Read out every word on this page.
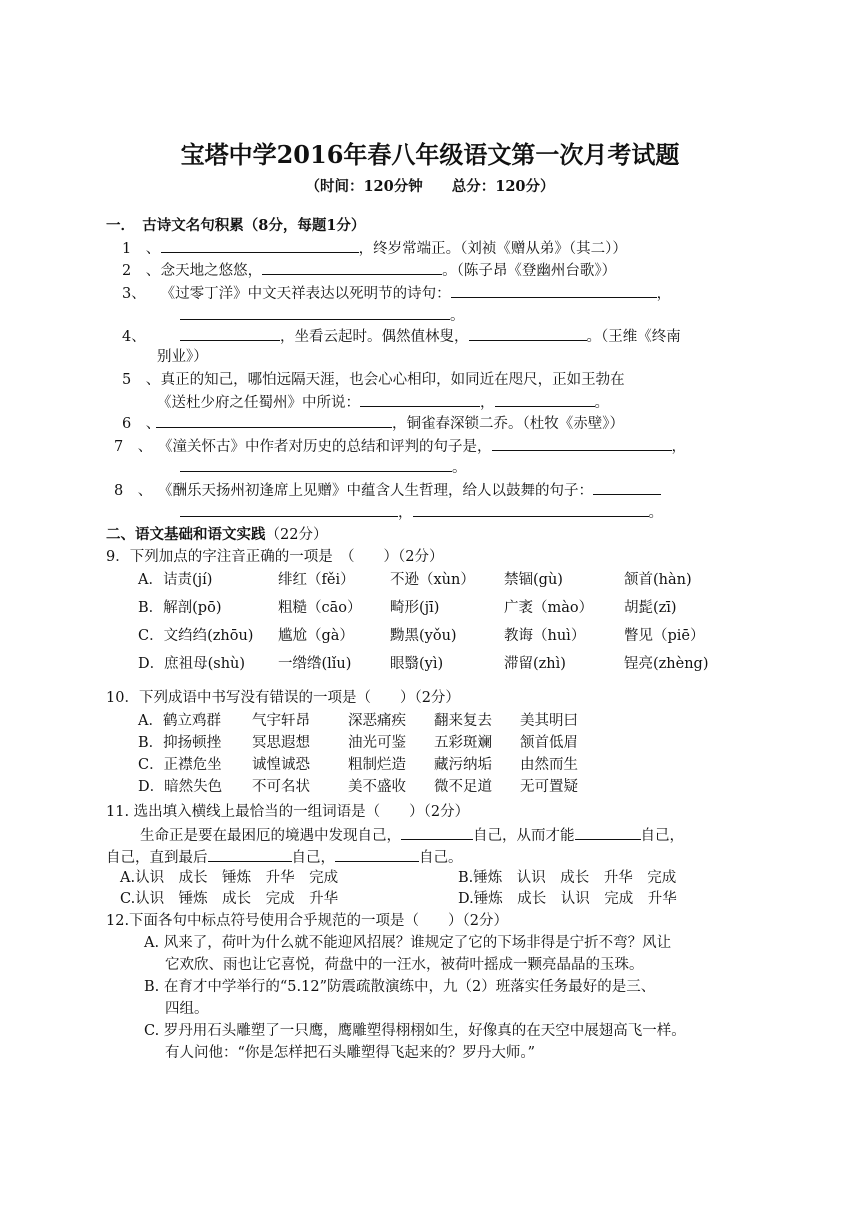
宝塔中学2016年春八年级语文第一次月考试题
（时间：120分钟　　总分：120分）
一．　古诗文名句积累（8分，每题1分）
1　、	，终岁常端正。（刘祯《赠从弟》（其二））
2　、 念天地之悠悠，	。（陈子昂《登幽州台歌》）
3、 《过零丁洋》中文天祥表达以死明节的诗句：	，
。
4、	，坐看云起时。偶然值林叟，	。（王维《终南
别业》）
5　、 真正的知己，哪怕远隔天涯，也会心心相印，如同近在咫尺，正如王勃在
《送杜少府之任蜀州》中所说：	，	。
6　、	，铜雀春深锁二乔。（杜牧《赤壁》）
7　、 《潼关怀古》中作者对历史的总结和评判的句子是，	，
。
8　、 《酬乐天扬州初逢席上见赠》中蕴含人生哲理，给人以鼓舞的句子：
，	。
二、语文基础和语文实践（22分）
9．下列加点的字注音正确的一项是　（　　）（2分）
A．诘责(jí)	绯红（fěi） 不逊（xùn） 禁锢(gù)	颔首(hàn)
B．解剖(pō)	粗糙（cāo） 畸形(jī)	广袤（mào） 胡髭(zī)
C．文绉绉(zhōu) 尴尬（gà） 黝黑(yǒu)	教诲（huì）	瞥见（piē）
D．庶祖母(shù) 一绺绺(lǐu)	眼翳(yì)	滞留(zhì)	锃亮(zhèng)
10．下列成语中书写没有错误的一项是（　　）（2分）
A．鹤立鸡群 气宇轩昂	深恶痛疾 翻来复去 美其明曰
B．抑扬顿挫 冥思遐想	油光可鉴 五彩斑斓 颔首低眉
C．正襟危坐 诚惶诚恐	粗制烂造 藏污纳垢 由然而生
D．暗然失色 不可名状	美不盛收 微不足道 无可置疑
11. 选出填入横线上最恰当的一组词语是（　　）（2分）
生命正是要在最困厄的境遇中发现自己，	自己，从而才能	自己，
自己，直到最后	自己，	自己。
A.认识　成长　锤炼　升华　完成	B.锤炼　认识　成长　升华　完成
C.认识　锤炼　成长　完成　升华	D.锤炼　成长　认识　完成　升华
12.下面各句中标点符号使用合乎规范的一项是（　　）（2分）
A. 风来了，荷叶为什么就不能迎风招展？谁规定了它的下场非得是宁折不弯？风让
它欢欣、雨也让它喜悦，荷盘中的一汪水，被荷叶摇成一颗亮晶晶的玉珠。
B. 在育才中学举行的“5.12”防震疏散演练中，九（2）班落实任务最好的是三、
四组。
C. 罗丹用石头雕塑了一只鹰，鹰雕塑得栩栩如生，好像真的在天空中展翅高飞一样。
有人问他：“你是怎样把石头雕塑得飞起来的？罗丹大师。”
